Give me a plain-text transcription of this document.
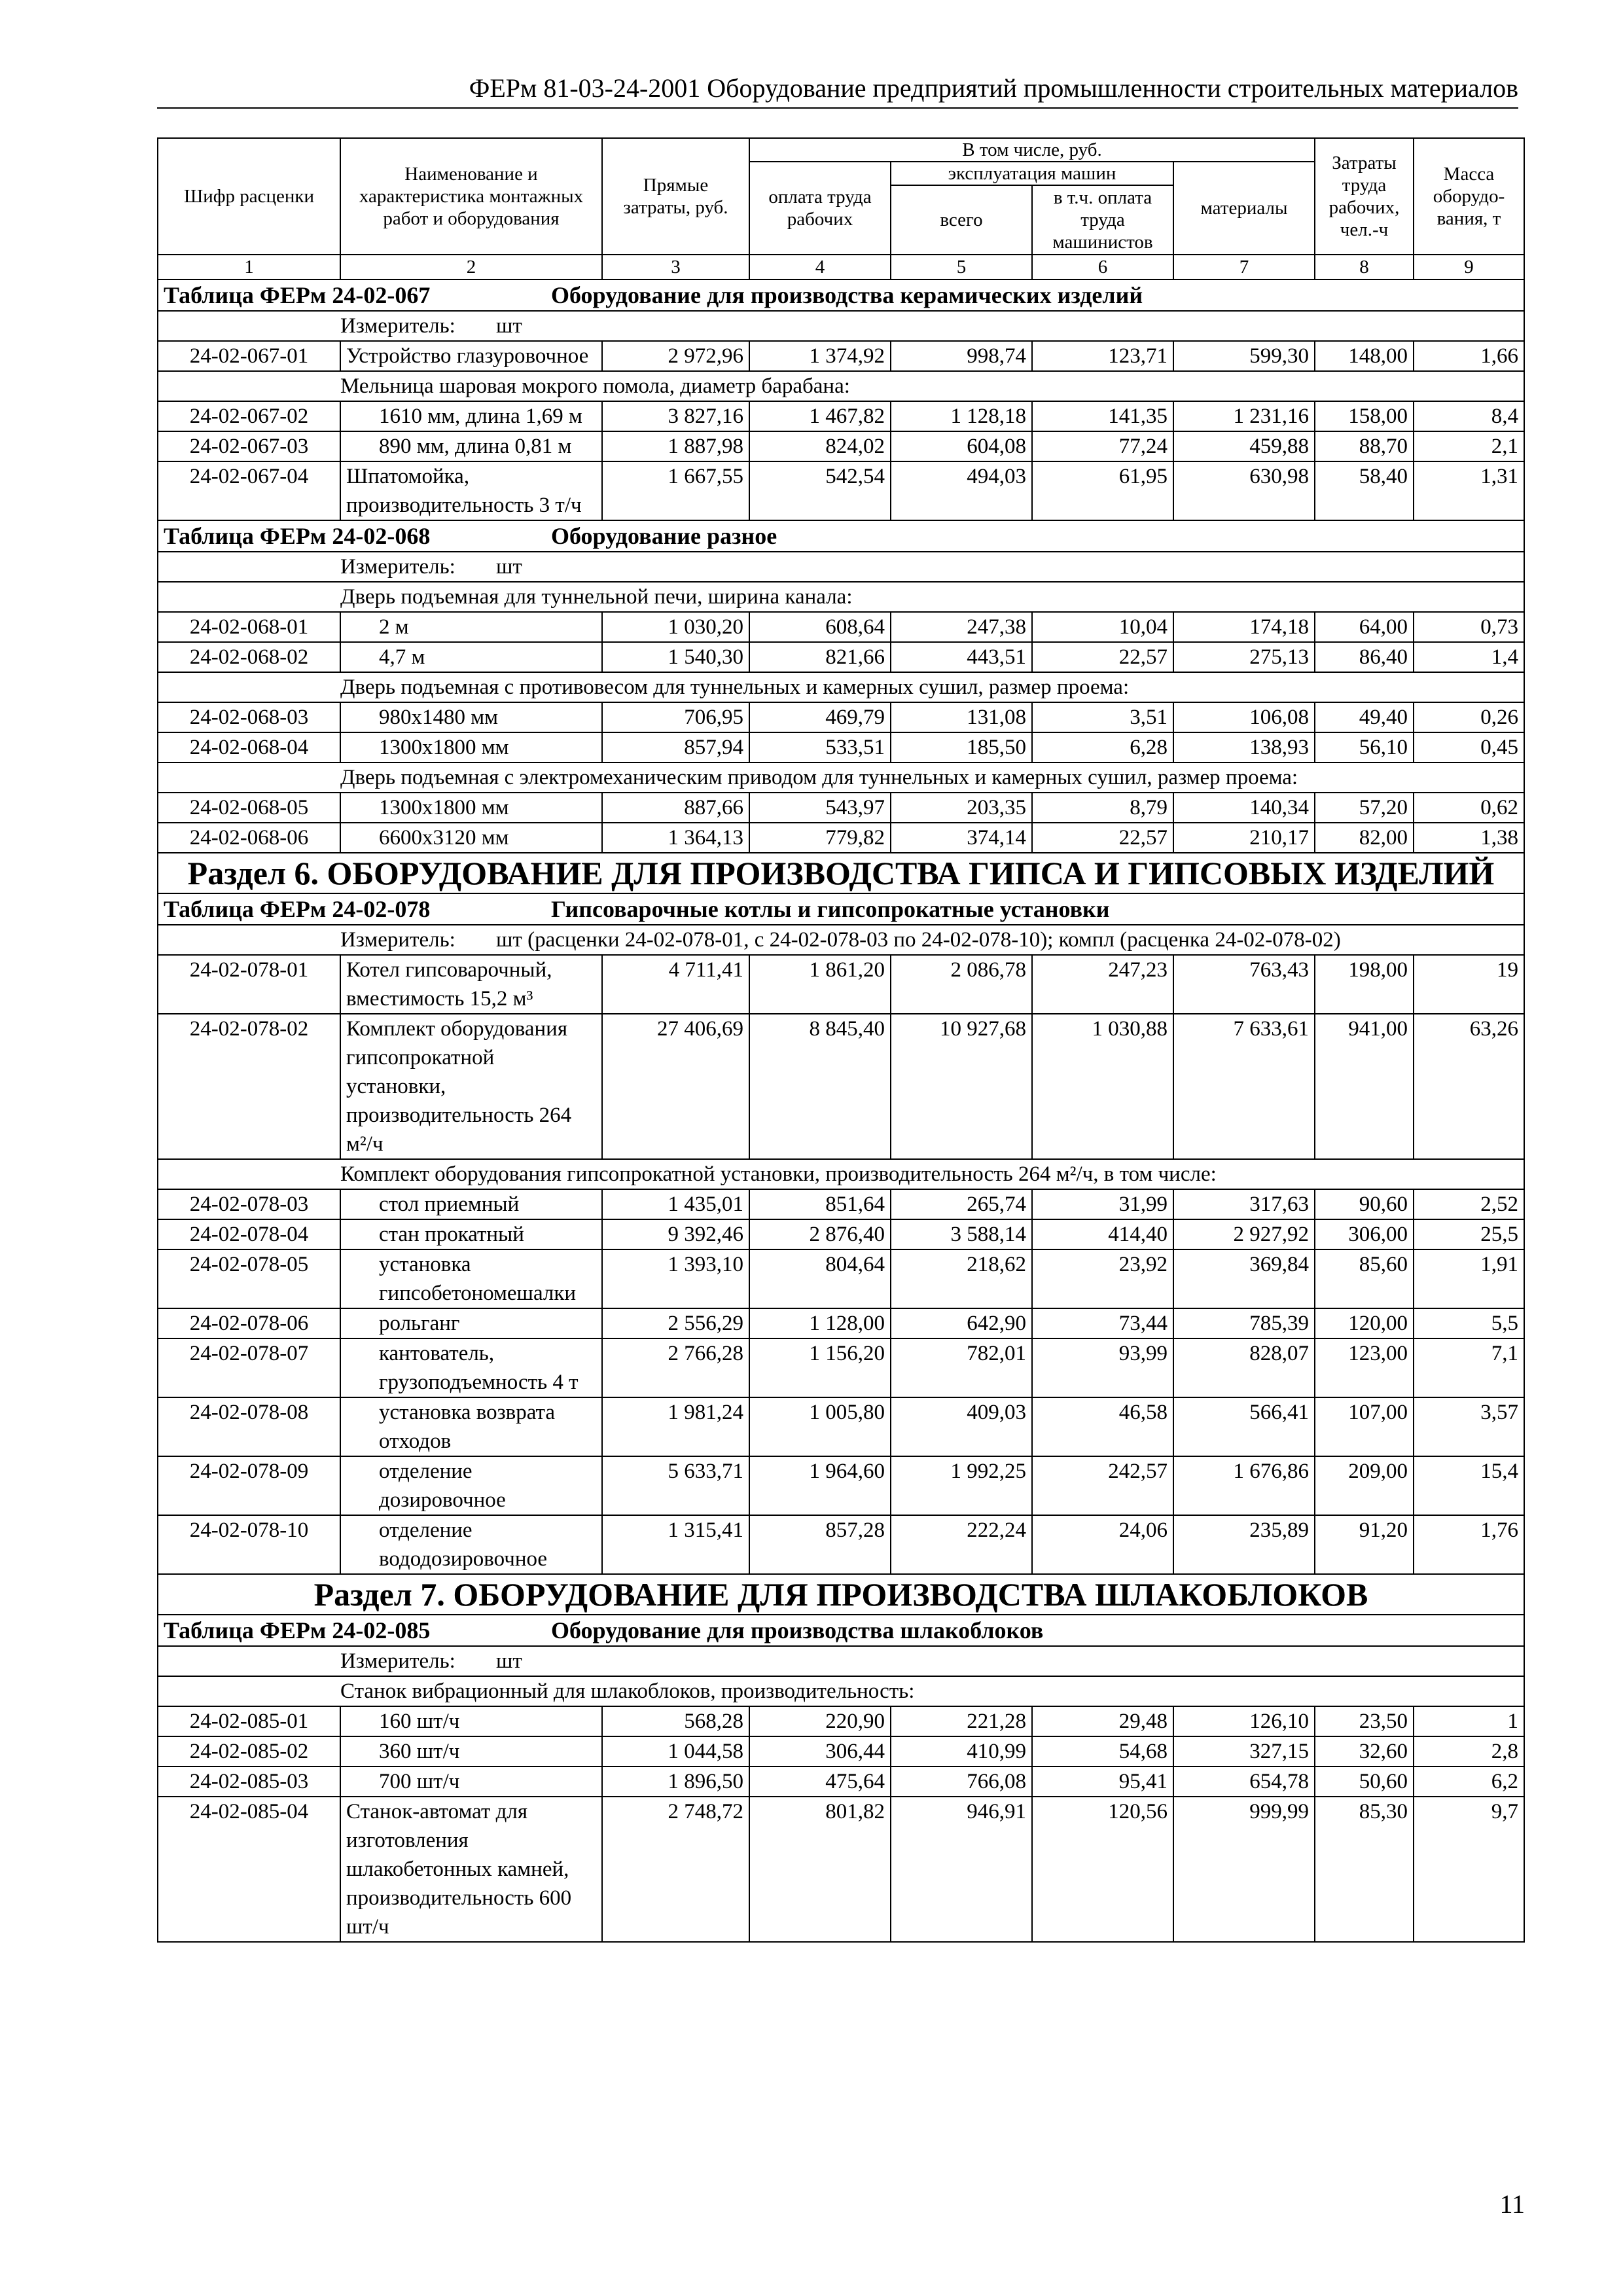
ФЕРм 81-03-24-2001 Оборудование предприятий промышленности строительных материалов
Шифр расценки	Наименование и характеристика монтажных работ и оборудования	Прямые затраты, руб.	В том числе, руб.				Затраты труда рабочих, чел.-ч	Масса оборудо-вания, т
			оплата труда рабочих	эксплуатация машин		материалы		
				всего	в т.ч. оплата труда машинистов			
1	2	3	4	5	6	7	8	9
Таблица ФЕРм 24-02-067 Оборудование для производства керамических изделий								
Измеритель: шт								
24-02-067-01	Устройство глазуровочное	2 972,96	1 374,92	998,74	123,71	599,30	148,00	1,66
Мельница шаровая мокрого помола, диаметр барабана:								
24-02-067-02	1610 мм, длина 1,69 м	3 827,16	1 467,82	1 128,18	141,35	1 231,16	158,00	8,4
24-02-067-03	890 мм, длина 0,81 м	1 887,98	824,02	604,08	77,24	459,88	88,70	2,1
24-02-067-04	Шпатомойка, производительность 3 т/ч	1 667,55	542,54	494,03	61,95	630,98	58,40	1,31
Таблица ФЕРм 24-02-068 Оборудование разное								
Измеритель: шт								
Дверь подъемная для туннельной печи, ширина канала:								
24-02-068-01	2 м	1 030,20	608,64	247,38	10,04	174,18	64,00	0,73
24-02-068-02	4,7 м	1 540,30	821,66	443,51	22,57	275,13	86,40	1,4
Дверь подъемная с противовесом для туннельных и камерных сушил, размер проема:								
24-02-068-03	980x1480 мм	706,95	469,79	131,08	3,51	106,08	49,40	0,26
24-02-068-04	1300x1800 мм	857,94	533,51	185,50	6,28	138,93	56,10	0,45
Дверь подъемная с электромеханическим приводом для туннельных и камерных сушил, размер проема:								
24-02-068-05	1300x1800 мм	887,66	543,97	203,35	8,79	140,34	57,20	0,62
24-02-068-06	6600x3120 мм	1 364,13	779,82	374,14	22,57	210,17	82,00	1,38
Раздел 6. ОБОРУДОВАНИЕ ДЛЯ ПРОИЗВОДСТВА ГИПСА И ГИПСОВЫХ ИЗДЕЛИЙ								
Таблица ФЕРм 24-02-078 Гипсоварочные котлы и гипсопрокатные установки								
Измеритель: шт (расценки 24-02-078-01, с 24-02-078-03 по 24-02-078-10); компл (расценка 24-02-078-02)								
24-02-078-01	Котел гипсоварочный, вместимость 15,2 м³	4 711,41	1 861,20	2 086,78	247,23	763,43	198,00	19
24-02-078-02	Комплект оборудования гипсопрокатной установки, производительность 264 м²/ч	27 406,69	8 845,40	10 927,68	1 030,88	7 633,61	941,00	63,26
Комплект оборудования гипсопрокатной установки, производительность 264 м²/ч, в том числе:								
24-02-078-03	стол приемный	1 435,01	851,64	265,74	31,99	317,63	90,60	2,52
24-02-078-04	стан прокатный	9 392,46	2 876,40	3 588,14	414,40	2 927,92	306,00	25,5
24-02-078-05	установка гипсобетономешалки	1 393,10	804,64	218,62	23,92	369,84	85,60	1,91
24-02-078-06	рольганг	2 556,29	1 128,00	642,90	73,44	785,39	120,00	5,5
24-02-078-07	кантователь, грузоподъемность 4 т	2 766,28	1 156,20	782,01	93,99	828,07	123,00	7,1
24-02-078-08	установка возврата отходов	1 981,24	1 005,80	409,03	46,58	566,41	107,00	3,57
24-02-078-09	отделение дозировочное	5 633,71	1 964,60	1 992,25	242,57	1 676,86	209,00	15,4
24-02-078-10	отделение вододозировочное	1 315,41	857,28	222,24	24,06	235,89	91,20	1,76
Раздел 7. ОБОРУДОВАНИЕ ДЛЯ ПРОИЗВОДСТВА ШЛАКОБЛОКОВ								
Таблица ФЕРм 24-02-085 Оборудование для производства шлакоблоков								
Измеритель: шт								
Станок вибрационный для шлакоблоков, производительность:								
24-02-085-01	160 шт/ч	568,28	220,90	221,28	29,48	126,10	23,50	1
24-02-085-02	360 шт/ч	1 044,58	306,44	410,99	54,68	327,15	32,60	2,8
24-02-085-03	700 шт/ч	1 896,50	475,64	766,08	95,41	654,78	50,60	6,2
24-02-085-04	Станок-автомат для изготовления шлакобетонных камней, производительность 600 шт/ч	2 748,72	801,82	946,91	120,56	999,99	85,30	9,7
11
